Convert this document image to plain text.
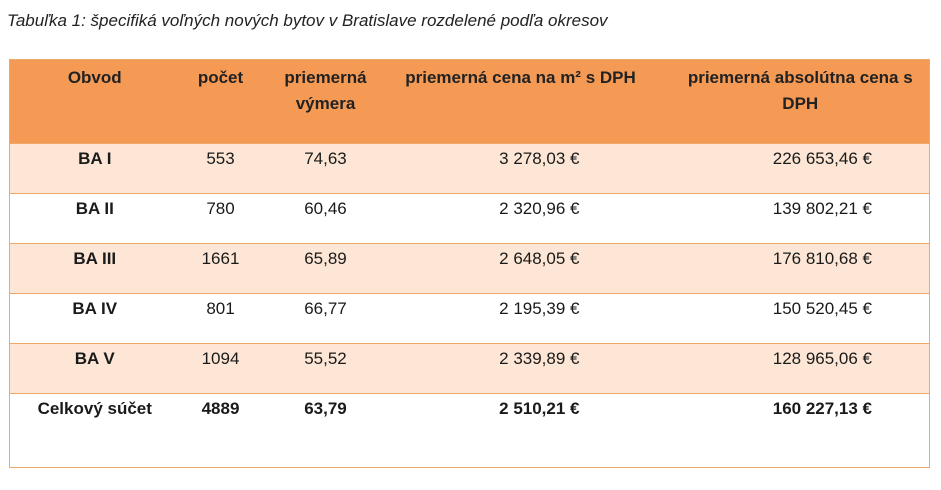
Tabuľka 1: špecifiká voľných nových bytov v Bratislave rozdelené podľa okresov
Obvod	počet	priemerná výmera	priemerná cena na m² s DPH	priemerná absolútna cena s DPH
BA I	553	74,63	3 278,03 €	226 653,46 €
BA II	780	60,46	2 320,96 €	139 802,21 €
BA III	1661	65,89	2 648,05 €	176 810,68 €
BA IV	801	66,77	2 195,39 €	150 520,45 €
BA V	1094	55,52	2 339,89 €	128 965,06 €
Celkový súčet	4889	63,79	2 510,21 €	160 227,13 €
